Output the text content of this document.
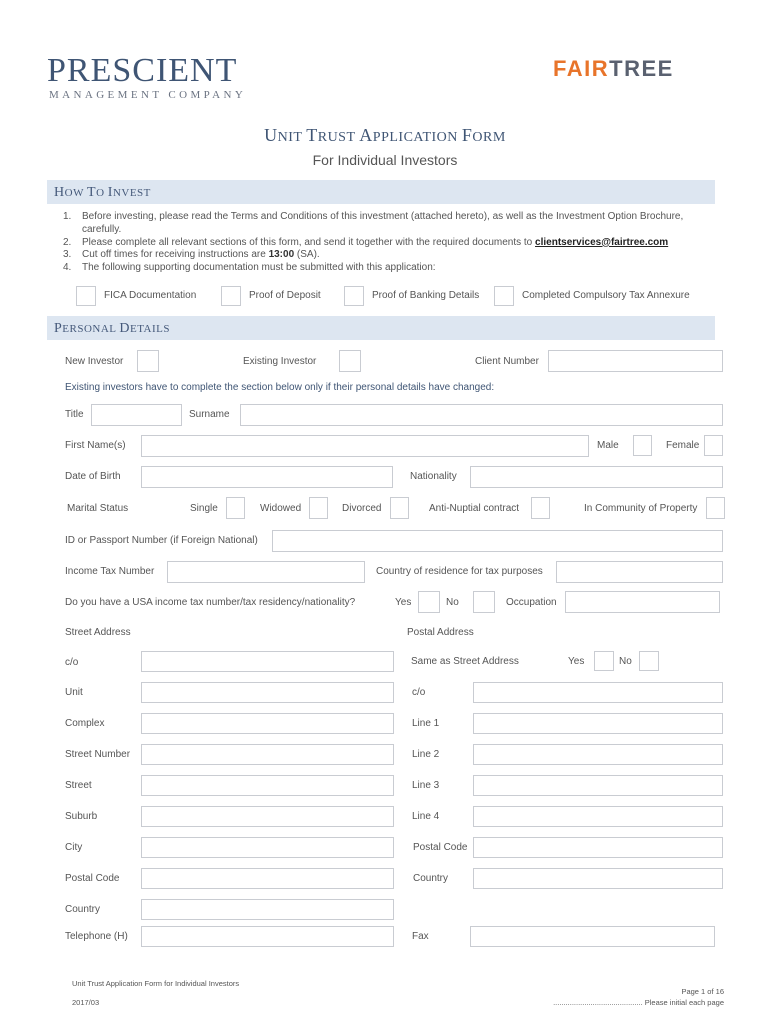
PRESCIENT
MANAGEMENT COMPANY
FAIRTREE
UNIT TRUST APPLICATION FORM
For Individual Investors
HOW TO INVEST
1.	Before investing, please read the Terms and Conditions of this investment (attached hereto), as well as the Investment Option Brochure,
carefully.
2.	Please complete all relevant sections of this form, and send it together with the required documents to clientservices@fairtree.com
3.	Cut off times for receiving instructions are 13:00 (SA).
4.	The following supporting documentation must be submitted with this application:
FICA Documentation	Proof of Deposit	Proof of Banking Details	Completed Compulsory Tax Annexure
PERSONAL DETAILS
New Investor	Existing Investor	Client Number
Existing investors have to complete the section below only if their personal details have changed:
Title	Surname
First Name(s)	Male	Female
Date of Birth	Nationality
Marital Status	Single	Widowed	Divorced	Anti-Nuptial contract	In Community of Property
ID or Passport Number (if Foreign National)
Income Tax Number	Country of residence for tax purposes
Do you have a USA income tax number/tax residency/nationality?	Yes	No	Occupation
Street Address	Postal Address
c/o	Same as Street Address	Yes	No
Unit	c/o
Complex	Line 1
Street Number	Line 2
Street	Line 3
Suburb	Line 4
City	Postal Code
Postal Code	Country
Country
Telephone (H)	Fax
Unit Trust Application Form for Individual Investors
2017/03
Page 1 of 16
........................................... Please initial each page
